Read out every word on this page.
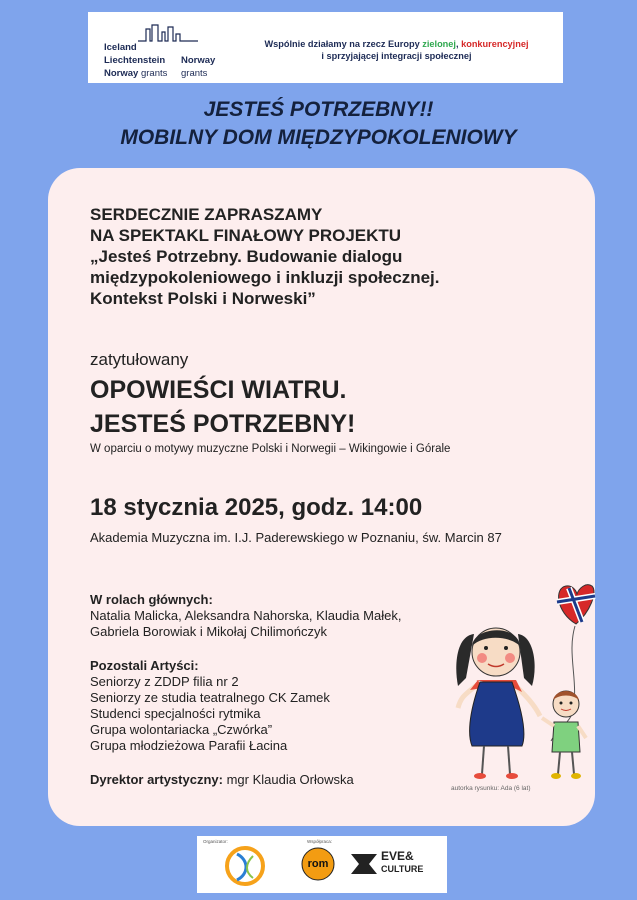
Iceland
Liechtenstein Norway
Norway grants grants
Wspólnie działamy na rzecz Europy zielonej, konkurencyjnej
i sprzyjającej integracji społecznej
JESTEŚ POTRZEBNY!!
MOBILNY DOM MIĘDZYPOKOLENIOWY
SERDECZNIE ZAPRASZAMY
NA SPEKTAKL FINAŁOWY PROJEKTU
„Jesteś Potrzebny. Budowanie dialogu
międzypokoleniowego i inkluzji społecznej.
Kontekst Polski i Norweski”
zatytułowany
OPOWIEŚCI WIATRU.
JESTEŚ POTRZEBNY!
W oparciu o motywy muzyczne Polski i Norwegii – Wikingowie i Górale
18 stycznia 2025, godz. 14:00
Akademia Muzyczna im. I.J. Paderewskiego w Poznaniu, św. Marcin 87
W rolach głównych:
Natalia Malicka, Aleksandra Nahorska, Klaudia Małek,
Gabriela Borowiak i Mikołaj Chilimończyk
Pozostali Artyści:
Seniorzy z ZDDP filia nr 2
Seniorzy ze studia teatralnego CK Zamek
Studenci specjalności rytmika
Grupa wolontariacka „Czwórka”
Grupa młodzieżowa Parafii Łacina
Dyrektor artystyczny: mgr Klaudia Orłowska
autorka rysunku: Ada (6 lat)
Organizator:	Współpraca:
rom
EVE&
CULTURE
